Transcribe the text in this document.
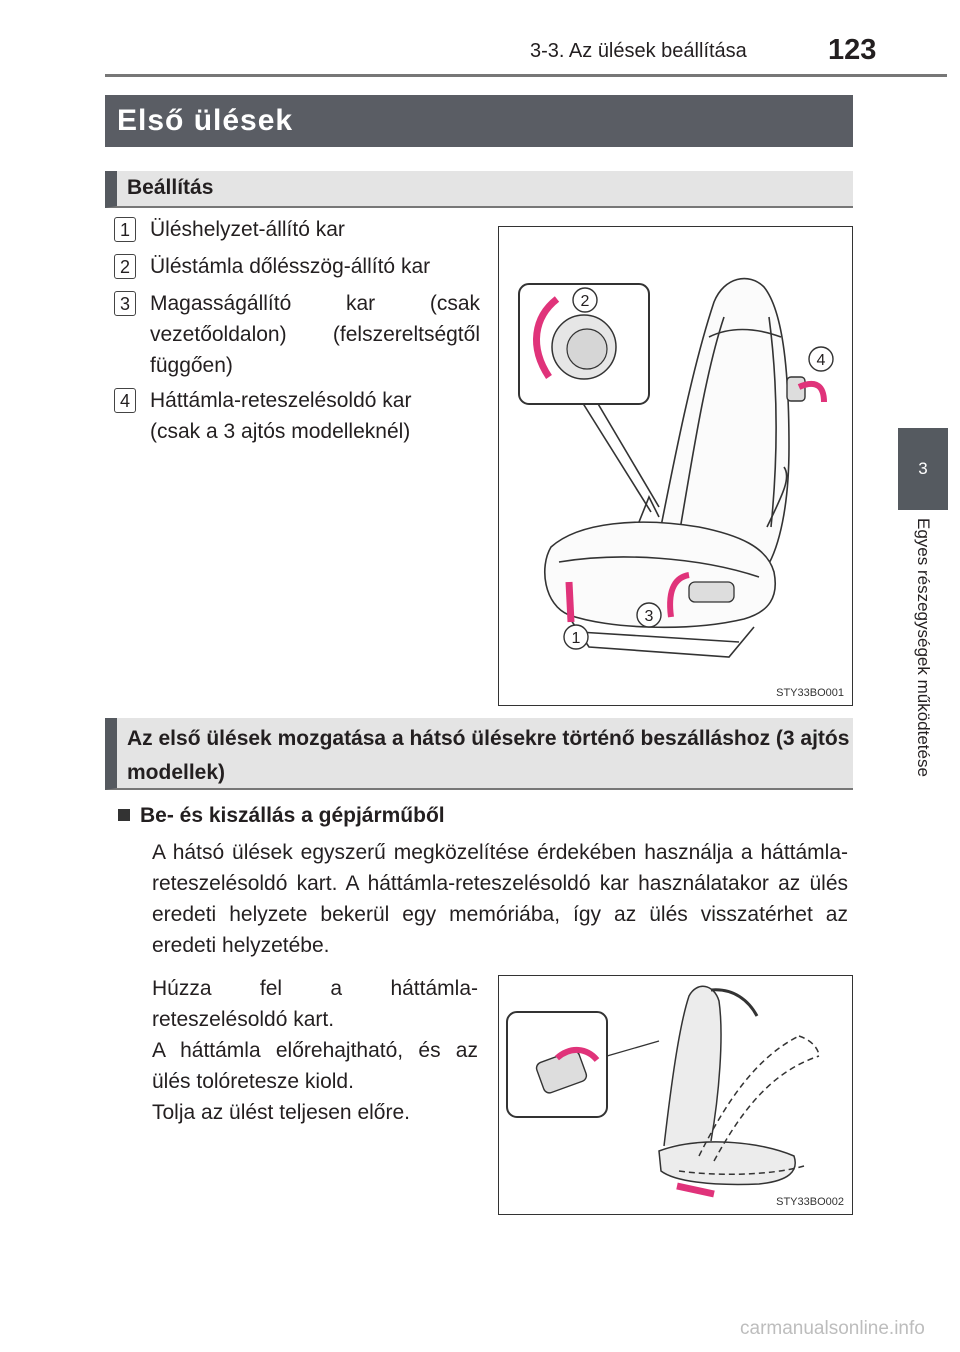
3-3. Az ülések beállítása	123
3
Egyes részegységek működtetése
Első ülések
Beállítás
1 Üléshelyzet-állító kar
2 Üléstámla dőlésszög-állító kar
3 Magasságállító kar (csak vezetőoldalon) (felszereltségtől függően)
4 Háttámla-reteszelésoldó kar (csak a 3 ajtós modelleknél)
2
4
3
1
STY33BO001
Az első ülések mozgatása a hátsó ülésekre történő beszálláshoz (3 ajtós modellek)
Be- és kiszállás a gépjárműből
A hátsó ülések egyszerű megközelítése érdekében használja a háttámla-reteszelésoldó kart. A háttámla-reteszelésoldó kar használatakor az ülés eredeti helyzete bekerül egy memóriába, így az ülés visszatérhet az eredeti helyzetébe.
Húzza fel a háttámla-reteszelésoldó kart.
A háttámla előrehajtható, és az ülés tolóretesze kiold.
Tolja az ülést teljesen előre.
STY33BO002
carmanualsonline.info
